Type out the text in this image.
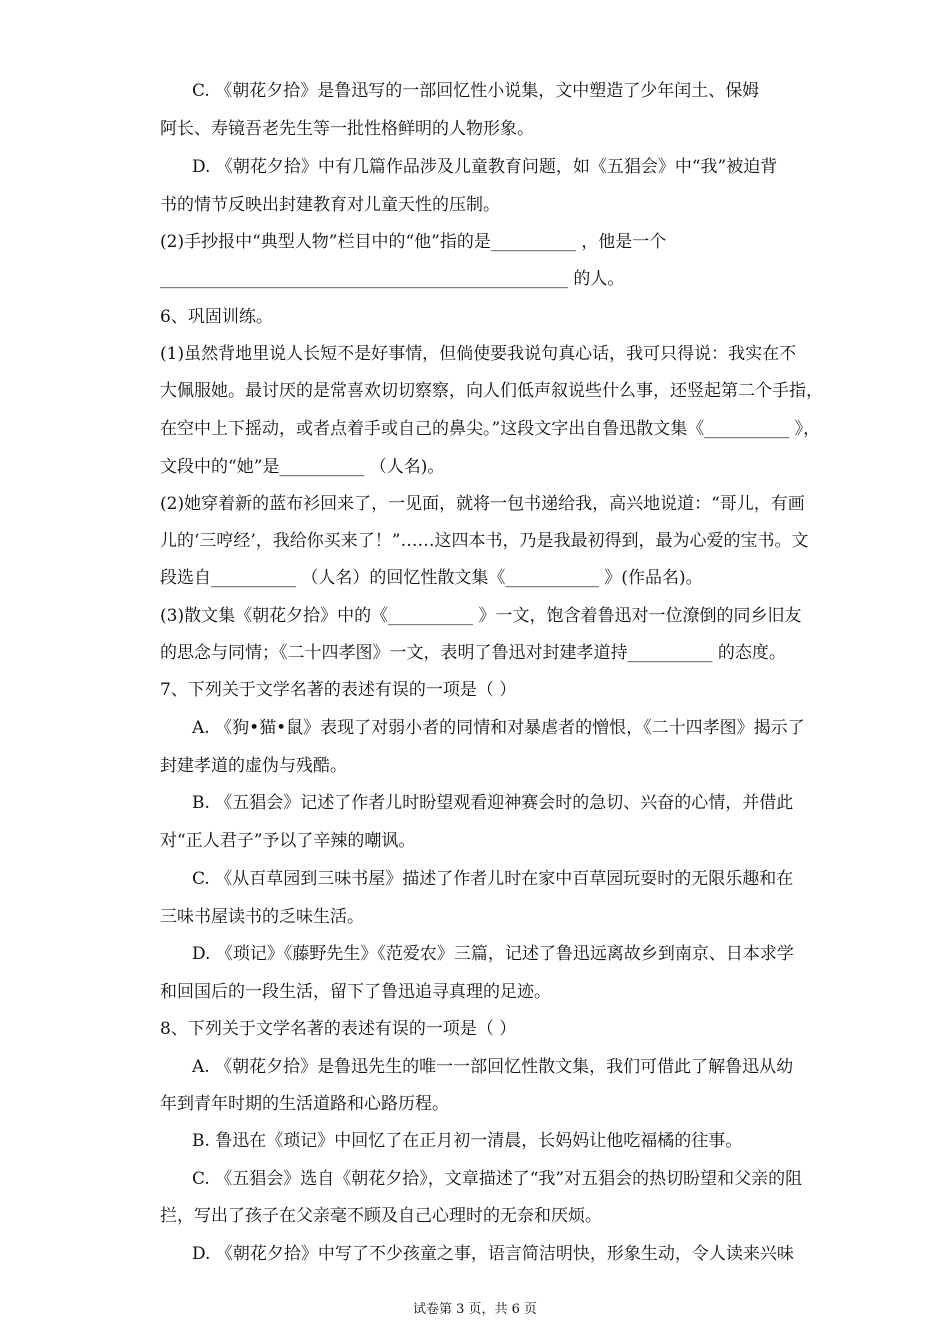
C. 《朝花夕拾》是鲁迅写的一部回忆性小说集，文中塑造了少年闰土、保姆
阿长、寿镜吾老先生等一批性格鲜明的人物形象。
D. 《朝花夕拾》中有几篇作品涉及儿童教育问题，如《五猖会》中“我”被迫背
书的情节反映出封建教育对儿童天性的压制。
(2)手抄报中“典型人物”栏目中的“他”指的是__________ ，他是一个
________________________________________________ 的人。
6、巩固训练。
(1)虽然背地里说人长短不是好事情，但倘使要我说句真心话，我可只得说：我实在不
大佩服她。最讨厌的是常喜欢切切察察，向人们低声叙说些什么事，还竖起第二个手指，
在空中上下摇动，或者点着手或自己的鼻尖。”这段文字出自鲁迅散文集《__________ 》，
文段中的“她”是__________ （人名)。
(2)她穿着新的蓝布衫回来了，一见面，就将一包书递给我，高兴地说道：“哥儿，有画
儿的‘三哼经’，我给你买来了！”……这四本书，乃是我最初得到，最为心爱的宝书。文
段选自__________ （人名）的回忆性散文集《___________ 》(作品名)。
(3)散文集《朝花夕拾》中的《__________ 》一文，饱含着鲁迅对一位潦倒的同乡旧友
的思念与同情；《二十四孝图》一文，表明了鲁迅对封建孝道持__________ 的态度。
7、下列关于文学名著的表述有误的一项是（ ）
A. 《狗•猫•鼠》表现了对弱小者的同情和对暴虐者的憎恨，《二十四孝图》揭示了
封建孝道的虚伪与残酷。
B. 《五猖会》记述了作者儿时盼望观看迎神赛会时的急切、兴奋的心情，并借此
对“正人君子”予以了辛辣的嘲讽。
C. 《从百草园到三味书屋》描述了作者儿时在家中百草园玩耍时的无限乐趣和在
三味书屋读书的乏味生活。
D. 《琐记》《藤野先生》《范爱农》三篇，记述了鲁迅远离故乡到南京、日本求学
和回国后的一段生活，留下了鲁迅追寻真理的足迹。
8、下列关于文学名著的表述有误的一项是（ ）
A. 《朝花夕拾》是鲁迅先生的唯一一部回忆性散文集，我们可借此了解鲁迅从幼
年到青年时期的生活道路和心路历程。
B. 鲁迅在《琐记》中回忆了在正月初一清晨，长妈妈让他吃福橘的往事。
C. 《五猖会》选自《朝花夕拾》，文章描述了“我”对五猖会的热切盼望和父亲的阻
拦，写出了孩子在父亲毫不顾及自己心理时的无奈和厌烦。
D. 《朝花夕拾》中写了不少孩童之事，语言简洁明快，形象生动，令人读来兴味
试卷第 3 页，共 6 页
